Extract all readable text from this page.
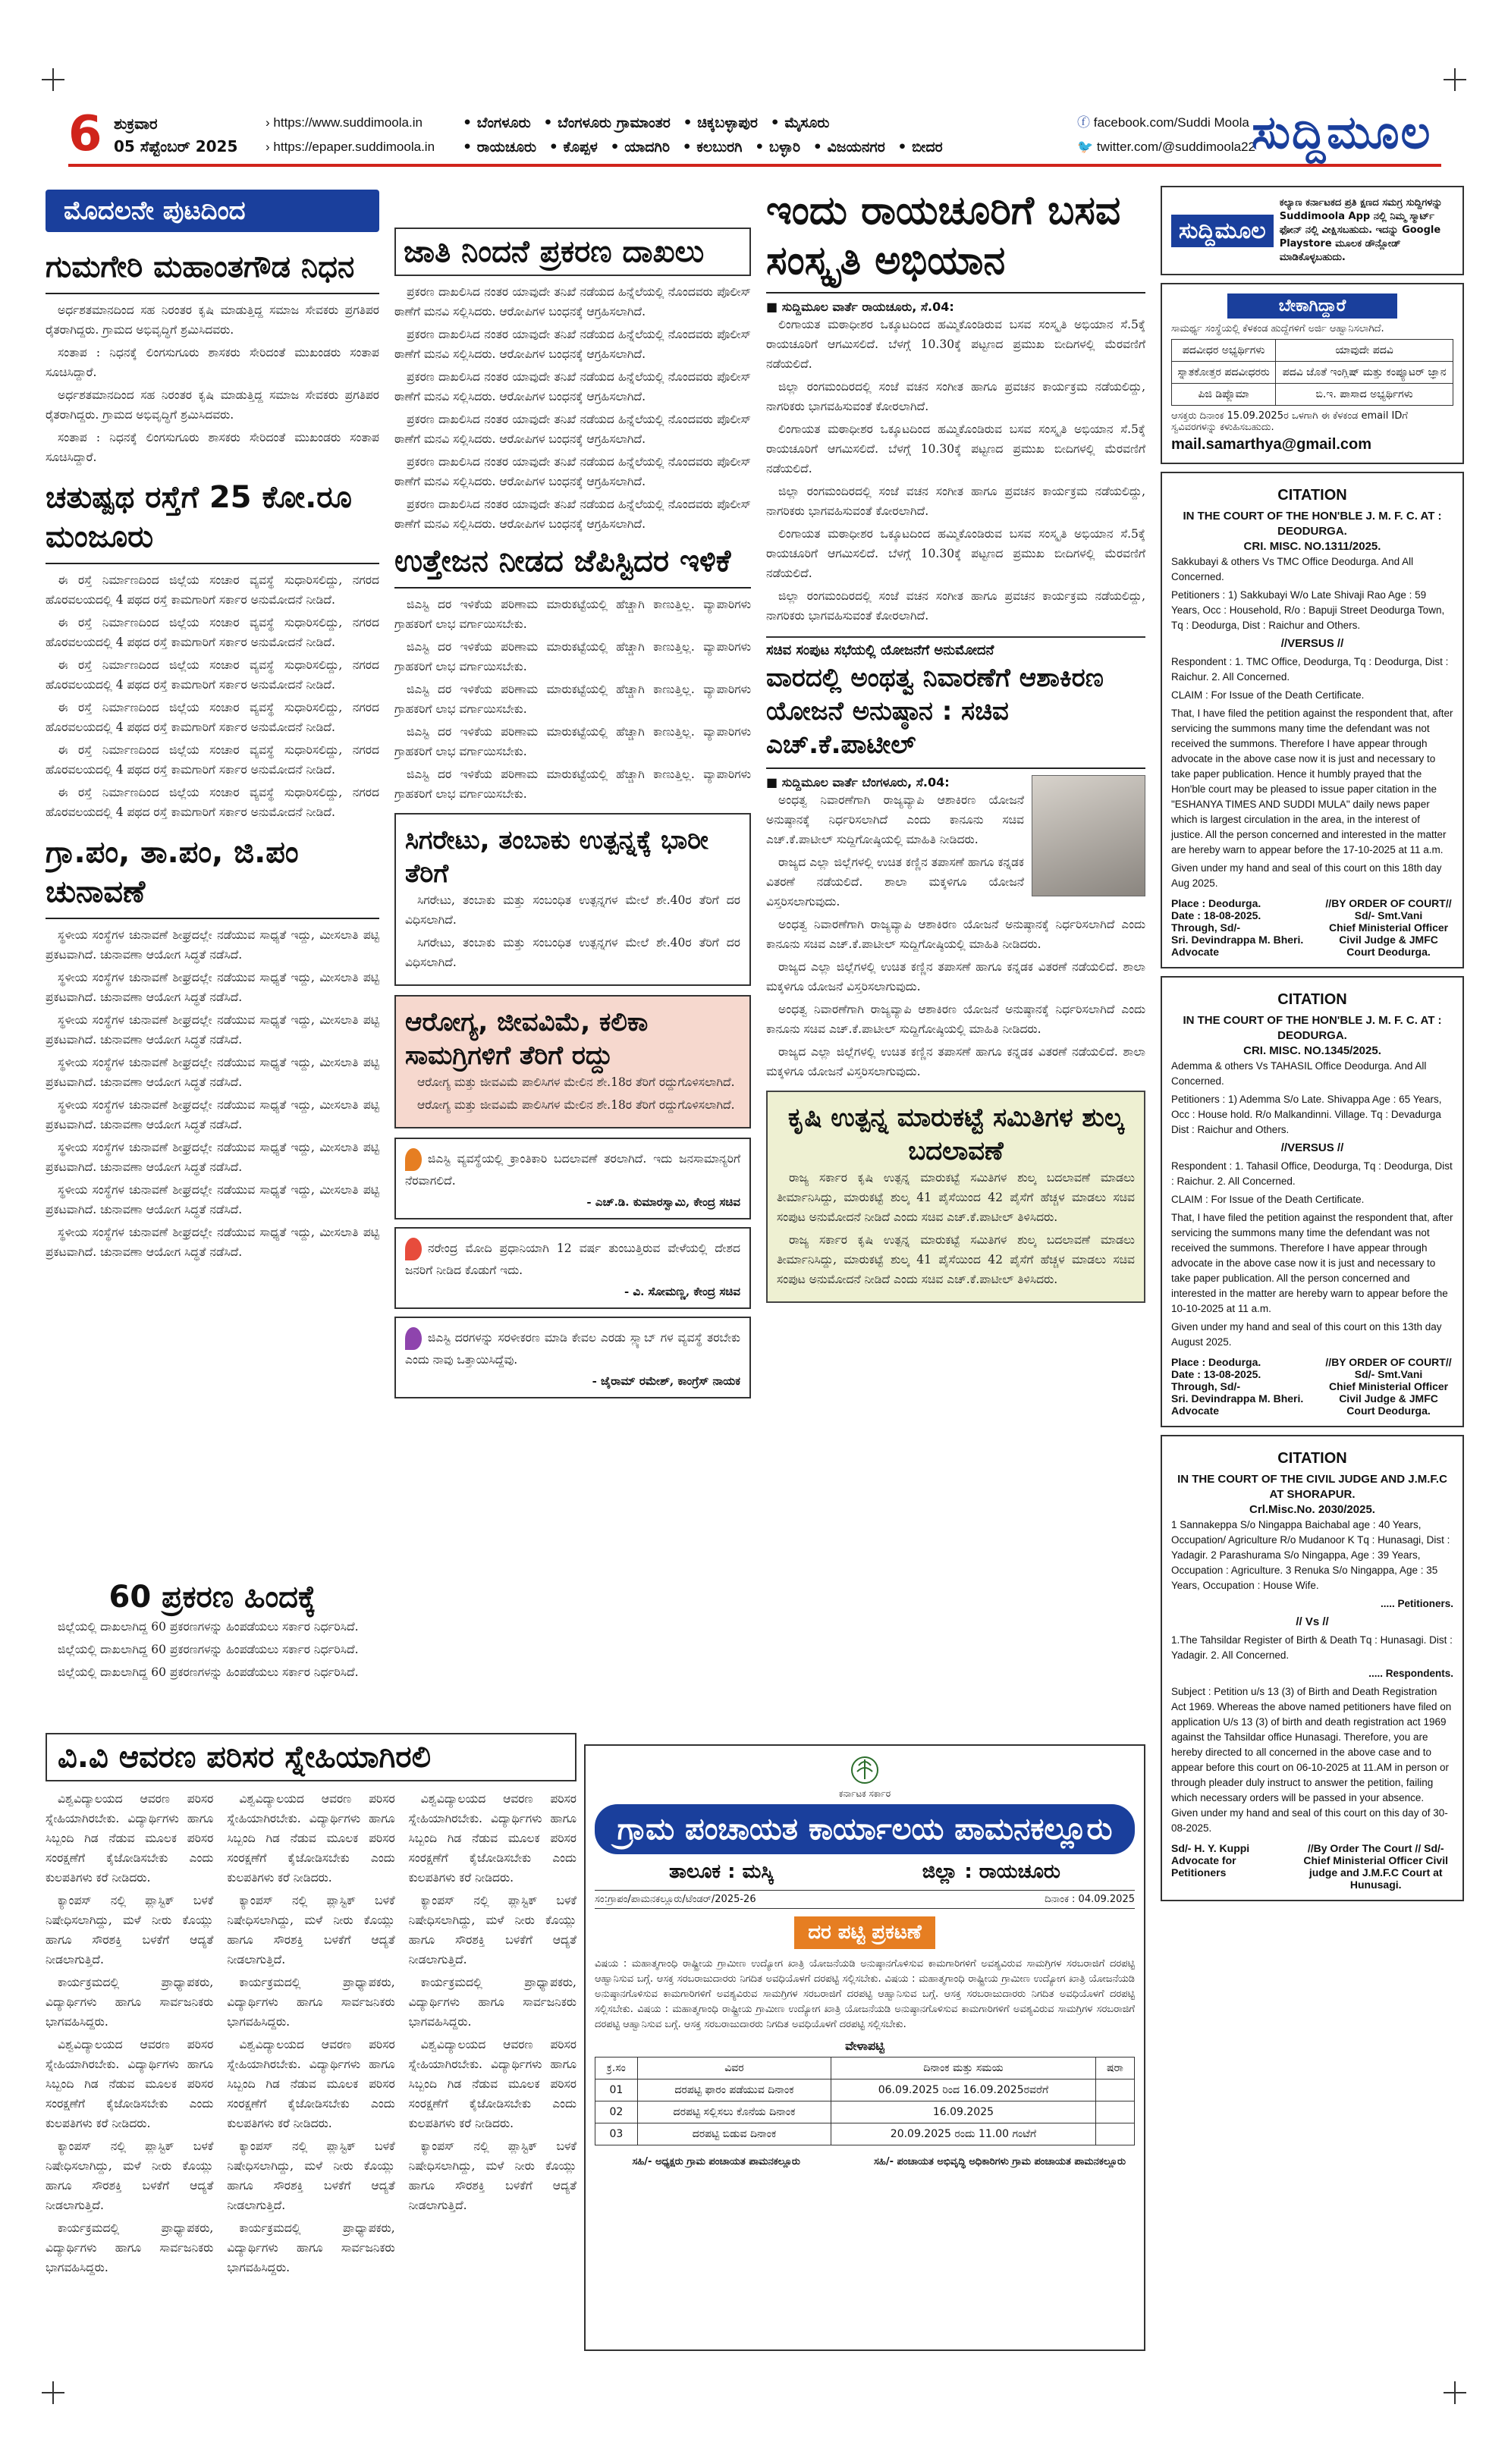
6 ಶುಕ್ರವಾರ
05 ಸೆಪ್ಟೆಂಬರ್ 2025
› https://www.suddimoola.in
› https://epaper.suddimoola.in
• ಬೆಂಗಳೂರು • ಬೆಂಗಳೂರು ಗ್ರಾಮಾಂತರ • ಚಿಕ್ಕಬಳ್ಳಾಪುರ • ಮೈಸೂರು
• ರಾಯಚೂರು • ಕೊಪ್ಪಳ • ಯಾದಗಿರಿ • ಕಲಬುರಗಿ • ಬಳ್ಳಾರಿ • ವಿಜಯನಗರ • ಬೀದರ
ⓕ facebook.com/Suddi Moola
🐦 twitter.com/@suddimoola22
ಸುದ್ದಿಮೂಲ
ಮೊದಲನೇ ಪುಟದಿಂದ
ಗುಮಗೇರಿ ಮಹಾಂತಗೌಡ ನಿಧನ

ಅರ್ಧಶತಮಾನದಿಂದ ಸಹ ನಿರಂತರ ಕೃಷಿ ಮಾಡುತ್ತಿದ್ದ ಸಮಾಜ ಸೇವಕರು ಪ್ರಗತಿಪರ ರೈತರಾಗಿದ್ದರು. ಗ್ರಾಮದ ಅಭಿವೃದ್ಧಿಗೆ ಶ್ರಮಿಸಿದವರು.

ಸಂತಾಪ : ನಿಧನಕ್ಕೆ ಲಿಂಗಸುಗೂರು ಶಾಸಕರು ಸೇರಿದಂತೆ ಮುಖಂಡರು ಸಂತಾಪ ಸೂಚಿಸಿದ್ದಾರೆ.

ಅರ್ಧಶತಮಾನದಿಂದ ಸಹ ನಿರಂತರ ಕೃಷಿ ಮಾಡುತ್ತಿದ್ದ ಸಮಾಜ ಸೇವಕರು ಪ್ರಗತಿಪರ ರೈತರಾಗಿದ್ದರು. ಗ್ರಾಮದ ಅಭಿವೃದ್ಧಿಗೆ ಶ್ರಮಿಸಿದವರು.

ಸಂತಾಪ : ನಿಧನಕ್ಕೆ ಲಿಂಗಸುಗೂರು ಶಾಸಕರು ಸೇರಿದಂತೆ ಮುಖಂಡರು ಸಂತಾಪ ಸೂಚಿಸಿದ್ದಾರೆ.

ಚತುಷ್ಪಥ ರಸ್ತೆಗೆ 25 ಕೋ.ರೂ ಮಂಜೂರು

ಈ ರಸ್ತೆ ನಿರ್ಮಾಣದಿಂದ ಜಿಲ್ಲೆಯ ಸಂಚಾರ ವ್ಯವಸ್ಥೆ ಸುಧಾರಿಸಲಿದ್ದು, ನಗರದ ಹೊರವಲಯದಲ್ಲಿ 4 ಪಥದ ರಸ್ತೆ ಕಾಮಗಾರಿಗೆ ಸರ್ಕಾರ ಅನುಮೋದನೆ ನೀಡಿದೆ.

ಈ ರಸ್ತೆ ನಿರ್ಮಾಣದಿಂದ ಜಿಲ್ಲೆಯ ಸಂಚಾರ ವ್ಯವಸ್ಥೆ ಸುಧಾರಿಸಲಿದ್ದು, ನಗರದ ಹೊರವಲಯದಲ್ಲಿ 4 ಪಥದ ರಸ್ತೆ ಕಾಮಗಾರಿಗೆ ಸರ್ಕಾರ ಅನುಮೋದನೆ ನೀಡಿದೆ.

ಈ ರಸ್ತೆ ನಿರ್ಮಾಣದಿಂದ ಜಿಲ್ಲೆಯ ಸಂಚಾರ ವ್ಯವಸ್ಥೆ ಸುಧಾರಿಸಲಿದ್ದು, ನಗರದ ಹೊರವಲಯದಲ್ಲಿ 4 ಪಥದ ರಸ್ತೆ ಕಾಮಗಾರಿಗೆ ಸರ್ಕಾರ ಅನುಮೋದನೆ ನೀಡಿದೆ.

ಈ ರಸ್ತೆ ನಿರ್ಮಾಣದಿಂದ ಜಿಲ್ಲೆಯ ಸಂಚಾರ ವ್ಯವಸ್ಥೆ ಸುಧಾರಿಸಲಿದ್ದು, ನಗರದ ಹೊರವಲಯದಲ್ಲಿ 4 ಪಥದ ರಸ್ತೆ ಕಾಮಗಾರಿಗೆ ಸರ್ಕಾರ ಅನುಮೋದನೆ ನೀಡಿದೆ.

ಈ ರಸ್ತೆ ನಿರ್ಮಾಣದಿಂದ ಜಿಲ್ಲೆಯ ಸಂಚಾರ ವ್ಯವಸ್ಥೆ ಸುಧಾರಿಸಲಿದ್ದು, ನಗರದ ಹೊರವಲಯದಲ್ಲಿ 4 ಪಥದ ರಸ್ತೆ ಕಾಮಗಾರಿಗೆ ಸರ್ಕಾರ ಅನುಮೋದನೆ ನೀಡಿದೆ.

ಈ ರಸ್ತೆ ನಿರ್ಮಾಣದಿಂದ ಜಿಲ್ಲೆಯ ಸಂಚಾರ ವ್ಯವಸ್ಥೆ ಸುಧಾರಿಸಲಿದ್ದು, ನಗರದ ಹೊರವಲಯದಲ್ಲಿ 4 ಪಥದ ರಸ್ತೆ ಕಾಮಗಾರಿಗೆ ಸರ್ಕಾರ ಅನುಮೋದನೆ ನೀಡಿದೆ.

ಗ್ರಾ.ಪಂ, ತಾ.ಪಂ, ಜಿ.ಪಂ ಚುನಾವಣೆ

ಸ್ಥಳೀಯ ಸಂಸ್ಥೆಗಳ ಚುನಾವಣೆ ಶೀಘ್ರದಲ್ಲೇ ನಡೆಯುವ ಸಾಧ್ಯತೆ ಇದ್ದು, ಮೀಸಲಾತಿ ಪಟ್ಟಿ ಪ್ರಕಟವಾಗಿದೆ. ಚುನಾವಣಾ ಆಯೋಗ ಸಿದ್ಧತೆ ನಡೆಸಿದೆ.

ಸ್ಥಳೀಯ ಸಂಸ್ಥೆಗಳ ಚುನಾವಣೆ ಶೀಘ್ರದಲ್ಲೇ ನಡೆಯುವ ಸಾಧ್ಯತೆ ಇದ್ದು, ಮೀಸಲಾತಿ ಪಟ್ಟಿ ಪ್ರಕಟವಾಗಿದೆ. ಚುನಾವಣಾ ಆಯೋಗ ಸಿದ್ಧತೆ ನಡೆಸಿದೆ.

ಸ್ಥಳೀಯ ಸಂಸ್ಥೆಗಳ ಚುನಾವಣೆ ಶೀಘ್ರದಲ್ಲೇ ನಡೆಯುವ ಸಾಧ್ಯತೆ ಇದ್ದು, ಮೀಸಲಾತಿ ಪಟ್ಟಿ ಪ್ರಕಟವಾಗಿದೆ. ಚುನಾವಣಾ ಆಯೋಗ ಸಿದ್ಧತೆ ನಡೆಸಿದೆ.

ಸ್ಥಳೀಯ ಸಂಸ್ಥೆಗಳ ಚುನಾವಣೆ ಶೀಘ್ರದಲ್ಲೇ ನಡೆಯುವ ಸಾಧ್ಯತೆ ಇದ್ದು, ಮೀಸಲಾತಿ ಪಟ್ಟಿ ಪ್ರಕಟವಾಗಿದೆ. ಚುನಾವಣಾ ಆಯೋಗ ಸಿದ್ಧತೆ ನಡೆಸಿದೆ.

ಸ್ಥಳೀಯ ಸಂಸ್ಥೆಗಳ ಚುನಾವಣೆ ಶೀಘ್ರದಲ್ಲೇ ನಡೆಯುವ ಸಾಧ್ಯತೆ ಇದ್ದು, ಮೀಸಲಾತಿ ಪಟ್ಟಿ ಪ್ರಕಟವಾಗಿದೆ. ಚುನಾವಣಾ ಆಯೋಗ ಸಿದ್ಧತೆ ನಡೆಸಿದೆ.

ಸ್ಥಳೀಯ ಸಂಸ್ಥೆಗಳ ಚುನಾವಣೆ ಶೀಘ್ರದಲ್ಲೇ ನಡೆಯುವ ಸಾಧ್ಯತೆ ಇದ್ದು, ಮೀಸಲಾತಿ ಪಟ್ಟಿ ಪ್ರಕಟವಾಗಿದೆ. ಚುನಾವಣಾ ಆಯೋಗ ಸಿದ್ಧತೆ ನಡೆಸಿದೆ.

ಸ್ಥಳೀಯ ಸಂಸ್ಥೆಗಳ ಚುನಾವಣೆ ಶೀಘ್ರದಲ್ಲೇ ನಡೆಯುವ ಸಾಧ್ಯತೆ ಇದ್ದು, ಮೀಸಲಾತಿ ಪಟ್ಟಿ ಪ್ರಕಟವಾಗಿದೆ. ಚುನಾವಣಾ ಆಯೋಗ ಸಿದ್ಧತೆ ನಡೆಸಿದೆ.

ಸ್ಥಳೀಯ ಸಂಸ್ಥೆಗಳ ಚುನಾವಣೆ ಶೀಘ್ರದಲ್ಲೇ ನಡೆಯುವ ಸಾಧ್ಯತೆ ಇದ್ದು, ಮೀಸಲಾತಿ ಪಟ್ಟಿ ಪ್ರಕಟವಾಗಿದೆ. ಚುನಾವಣಾ ಆಯೋಗ ಸಿದ್ಧತೆ ನಡೆಸಿದೆ.

60 ಪ್ರಕರಣ ಹಿಂದಕ್ಕೆ

ಜಿಲ್ಲೆಯಲ್ಲಿ ದಾಖಲಾಗಿದ್ದ 60 ಪ್ರಕರಣಗಳನ್ನು ಹಿಂಪಡೆಯಲು ಸರ್ಕಾರ ನಿರ್ಧರಿಸಿದೆ.

ಜಿಲ್ಲೆಯಲ್ಲಿ ದಾಖಲಾಗಿದ್ದ 60 ಪ್ರಕರಣಗಳನ್ನು ಹಿಂಪಡೆಯಲು ಸರ್ಕಾರ ನಿರ್ಧರಿಸಿದೆ.

ಜಿಲ್ಲೆಯಲ್ಲಿ ದಾಖಲಾಗಿದ್ದ 60 ಪ್ರಕರಣಗಳನ್ನು ಹಿಂಪಡೆಯಲು ಸರ್ಕಾರ ನಿರ್ಧರಿಸಿದೆ.

ಜಾತಿ ನಿಂದನೆ ಪ್ರಕರಣ ದಾಖಲು

ಪ್ರಕರಣ ದಾಖಲಿಸಿದ ನಂತರ ಯಾವುದೇ ತನಿಖೆ ನಡೆಯದ ಹಿನ್ನೆಲೆಯಲ್ಲಿ ನೊಂದವರು ಪೊಲೀಸ್ ಠಾಣೆಗೆ ಮನವಿ ಸಲ್ಲಿಸಿದರು. ಆರೋಪಿಗಳ ಬಂಧನಕ್ಕೆ ಆಗ್ರಹಿಸಲಾಗಿದೆ.

ಪ್ರಕರಣ ದಾಖಲಿಸಿದ ನಂತರ ಯಾವುದೇ ತನಿಖೆ ನಡೆಯದ ಹಿನ್ನೆಲೆಯಲ್ಲಿ ನೊಂದವರು ಪೊಲೀಸ್ ಠಾಣೆಗೆ ಮನವಿ ಸಲ್ಲಿಸಿದರು. ಆರೋಪಿಗಳ ಬಂಧನಕ್ಕೆ ಆಗ್ರಹಿಸಲಾಗಿದೆ.

ಪ್ರಕರಣ ದಾಖಲಿಸಿದ ನಂತರ ಯಾವುದೇ ತನಿಖೆ ನಡೆಯದ ಹಿನ್ನೆಲೆಯಲ್ಲಿ ನೊಂದವರು ಪೊಲೀಸ್ ಠಾಣೆಗೆ ಮನವಿ ಸಲ್ಲಿಸಿದರು. ಆರೋಪಿಗಳ ಬಂಧನಕ್ಕೆ ಆಗ್ರಹಿಸಲಾಗಿದೆ.

ಪ್ರಕರಣ ದಾಖಲಿಸಿದ ನಂತರ ಯಾವುದೇ ತನಿಖೆ ನಡೆಯದ ಹಿನ್ನೆಲೆಯಲ್ಲಿ ನೊಂದವರು ಪೊಲೀಸ್ ಠಾಣೆಗೆ ಮನವಿ ಸಲ್ಲಿಸಿದರು. ಆರೋಪಿಗಳ ಬಂಧನಕ್ಕೆ ಆಗ್ರಹಿಸಲಾಗಿದೆ.

ಪ್ರಕರಣ ದಾಖಲಿಸಿದ ನಂತರ ಯಾವುದೇ ತನಿಖೆ ನಡೆಯದ ಹಿನ್ನೆಲೆಯಲ್ಲಿ ನೊಂದವರು ಪೊಲೀಸ್ ಠಾಣೆಗೆ ಮನವಿ ಸಲ್ಲಿಸಿದರು. ಆರೋಪಿಗಳ ಬಂಧನಕ್ಕೆ ಆಗ್ರಹಿಸಲಾಗಿದೆ.

ಪ್ರಕರಣ ದಾಖಲಿಸಿದ ನಂತರ ಯಾವುದೇ ತನಿಖೆ ನಡೆಯದ ಹಿನ್ನೆಲೆಯಲ್ಲಿ ನೊಂದವರು ಪೊಲೀಸ್ ಠಾಣೆಗೆ ಮನವಿ ಸಲ್ಲಿಸಿದರು. ಆರೋಪಿಗಳ ಬಂಧನಕ್ಕೆ ಆಗ್ರಹಿಸಲಾಗಿದೆ.

ಉತ್ತೇಜನ ನೀಡದ ಜೆಪಿಸ್ಟಿದರ ಇಳಿಕೆ

ಜಿಎಸ್ಟಿ ದರ ಇಳಿಕೆಯ ಪರಿಣಾಮ ಮಾರುಕಟ್ಟೆಯಲ್ಲಿ ಹೆಚ್ಚಾಗಿ ಕಾಣುತ್ತಿಲ್ಲ. ವ್ಯಾಪಾರಿಗಳು ಗ್ರಾಹಕರಿಗೆ ಲಾಭ ವರ್ಗಾಯಿಸಬೇಕು.

ಜಿಎಸ್ಟಿ ದರ ಇಳಿಕೆಯ ಪರಿಣಾಮ ಮಾರುಕಟ್ಟೆಯಲ್ಲಿ ಹೆಚ್ಚಾಗಿ ಕಾಣುತ್ತಿಲ್ಲ. ವ್ಯಾಪಾರಿಗಳು ಗ್ರಾಹಕರಿಗೆ ಲಾಭ ವರ್ಗಾಯಿಸಬೇಕು.

ಜಿಎಸ್ಟಿ ದರ ಇಳಿಕೆಯ ಪರಿಣಾಮ ಮಾರುಕಟ್ಟೆಯಲ್ಲಿ ಹೆಚ್ಚಾಗಿ ಕಾಣುತ್ತಿಲ್ಲ. ವ್ಯಾಪಾರಿಗಳು ಗ್ರಾಹಕರಿಗೆ ಲಾಭ ವರ್ಗಾಯಿಸಬೇಕು.

ಜಿಎಸ್ಟಿ ದರ ಇಳಿಕೆಯ ಪರಿಣಾಮ ಮಾರುಕಟ್ಟೆಯಲ್ಲಿ ಹೆಚ್ಚಾಗಿ ಕಾಣುತ್ತಿಲ್ಲ. ವ್ಯಾಪಾರಿಗಳು ಗ್ರಾಹಕರಿಗೆ ಲಾಭ ವರ್ಗಾಯಿಸಬೇಕು.

ಜಿಎಸ್ಟಿ ದರ ಇಳಿಕೆಯ ಪರಿಣಾಮ ಮಾರುಕಟ್ಟೆಯಲ್ಲಿ ಹೆಚ್ಚಾಗಿ ಕಾಣುತ್ತಿಲ್ಲ. ವ್ಯಾಪಾರಿಗಳು ಗ್ರಾಹಕರಿಗೆ ಲಾಭ ವರ್ಗಾಯಿಸಬೇಕು.

ಸಿಗರೇಟು, ತಂಬಾಕು ಉತ್ಪನ್ನಕ್ಕೆ ಭಾರೀ ತೆರಿಗೆ

ಸಿಗರೇಟು, ತಂಬಾಕು ಮತ್ತು ಸಂಬಂಧಿತ ಉತ್ಪನ್ನಗಳ ಮೇಲೆ ಶೇ.40ರ ತೆರಿಗೆ ದರ ವಿಧಿಸಲಾಗಿದೆ.

ಸಿಗರೇಟು, ತಂಬಾಕು ಮತ್ತು ಸಂಬಂಧಿತ ಉತ್ಪನ್ನಗಳ ಮೇಲೆ ಶೇ.40ರ ತೆರಿಗೆ ದರ ವಿಧಿಸಲಾಗಿದೆ.

ಆರೋಗ್ಯ, ಜೀವವಿಮೆ, ಕಲಿಕಾ ಸಾಮಗ್ರಿಗಳಿಗೆ ತೆರಿಗೆ ರದ್ದು

ಆರೋಗ್ಯ ಮತ್ತು ಜೀವವಿಮೆ ಪಾಲಿಸಿಗಳ ಮೇಲಿನ ಶೇ.18ರ ತೆರಿಗೆ ರದ್ದುಗೊಳಿಸಲಾಗಿದೆ.

ಆರೋಗ್ಯ ಮತ್ತು ಜೀವವಿಮೆ ಪಾಲಿಸಿಗಳ ಮೇಲಿನ ಶೇ.18ರ ತೆರಿಗೆ ರದ್ದುಗೊಳಿಸಲಾಗಿದೆ.

ಜಿಎಸ್ಟಿ ವ್ಯವಸ್ಥೆಯಲ್ಲಿ ಕ್ರಾಂತಿಕಾರಿ ಬದಲಾವಣೆ ತರಲಾಗಿದೆ. ಇದು ಜನಸಾಮಾನ್ಯರಿಗೆ ನೆರವಾಗಲಿದೆ.
- ಎಚ್.ಡಿ. ಕುಮಾರಸ್ವಾಮಿ, ಕೇಂದ್ರ ಸಚಿವ
ನರೇಂದ್ರ ಮೋದಿ ಪ್ರಧಾನಿಯಾಗಿ 12 ವರ್ಷ ತುಂಬುತ್ತಿರುವ ವೇಳೆಯಲ್ಲಿ ದೇಶದ ಜನರಿಗೆ ನೀಡಿದ ಕೊಡುಗೆ ಇದು.
- ವಿ. ಸೋಮಣ್ಣ, ಕೇಂದ್ರ ಸಚಿವ
ಜಿಎಸ್ಟಿ ದರಗಳನ್ನು ಸರಳೀಕರಣ ಮಾಡಿ ಕೇವಲ ಎರಡು ಸ್ಲ್ಯಾಬ್ ಗಳ ವ್ಯವಸ್ಥೆ ತರಬೇಕು ಎಂದು ನಾವು ಒತ್ತಾಯಿಸಿದ್ದೆವು.
- ಜೈರಾಮ್ ರಮೇಶ್, ಕಾಂಗ್ರೆಸ್ ನಾಯಕ
ಇಂದು ರಾಯಚೂರಿಗೆ ಬಸವ ಸಂಸ್ಕೃತಿ ಅಭಿಯಾನ
■ ಸುದ್ದಿಮೂಲ ವಾರ್ತೆ ರಾಯಚೂರು, ಸೆ.04:

ಲಿಂಗಾಯತ ಮಠಾಧೀಶರ ಒಕ್ಕೂಟದಿಂದ ಹಮ್ಮಿಕೊಂಡಿರುವ ಬಸವ ಸಂಸ್ಕೃತಿ ಅಭಿಯಾನ ಸೆ.5ಕ್ಕೆ ರಾಯಚೂರಿಗೆ ಆಗಮಿಸಲಿದೆ. ಬೆಳಗ್ಗೆ 10.30ಕ್ಕೆ ಪಟ್ಟಣದ ಪ್ರಮುಖ ಬೀದಿಗಳಲ್ಲಿ ಮೆರವಣಿಗೆ ನಡೆಯಲಿದೆ.

ಜಿಲ್ಲಾ ರಂಗಮಂದಿರದಲ್ಲಿ ಸಂಜೆ ವಚನ ಸಂಗೀತ ಹಾಗೂ ಪ್ರವಚನ ಕಾರ್ಯಕ್ರಮ ನಡೆಯಲಿದ್ದು, ನಾಗರಿಕರು ಭಾಗವಹಿಸುವಂತೆ ಕೋರಲಾಗಿದೆ.

ಲಿಂಗಾಯತ ಮಠಾಧೀಶರ ಒಕ್ಕೂಟದಿಂದ ಹಮ್ಮಿಕೊಂಡಿರುವ ಬಸವ ಸಂಸ್ಕೃತಿ ಅಭಿಯಾನ ಸೆ.5ಕ್ಕೆ ರಾಯಚೂರಿಗೆ ಆಗಮಿಸಲಿದೆ. ಬೆಳಗ್ಗೆ 10.30ಕ್ಕೆ ಪಟ್ಟಣದ ಪ್ರಮುಖ ಬೀದಿಗಳಲ್ಲಿ ಮೆರವಣಿಗೆ ನಡೆಯಲಿದೆ.

ಜಿಲ್ಲಾ ರಂಗಮಂದಿರದಲ್ಲಿ ಸಂಜೆ ವಚನ ಸಂಗೀತ ಹಾಗೂ ಪ್ರವಚನ ಕಾರ್ಯಕ್ರಮ ನಡೆಯಲಿದ್ದು, ನಾಗರಿಕರು ಭಾಗವಹಿಸುವಂತೆ ಕೋರಲಾಗಿದೆ.

ಲಿಂಗಾಯತ ಮಠಾಧೀಶರ ಒಕ್ಕೂಟದಿಂದ ಹಮ್ಮಿಕೊಂಡಿರುವ ಬಸವ ಸಂಸ್ಕೃತಿ ಅಭಿಯಾನ ಸೆ.5ಕ್ಕೆ ರಾಯಚೂರಿಗೆ ಆಗಮಿಸಲಿದೆ. ಬೆಳಗ್ಗೆ 10.30ಕ್ಕೆ ಪಟ್ಟಣದ ಪ್ರಮುಖ ಬೀದಿಗಳಲ್ಲಿ ಮೆರವಣಿಗೆ ನಡೆಯಲಿದೆ.

ಜಿಲ್ಲಾ ರಂಗಮಂದಿರದಲ್ಲಿ ಸಂಜೆ ವಚನ ಸಂಗೀತ ಹಾಗೂ ಪ್ರವಚನ ಕಾರ್ಯಕ್ರಮ ನಡೆಯಲಿದ್ದು, ನಾಗರಿಕರು ಭಾಗವಹಿಸುವಂತೆ ಕೋರಲಾಗಿದೆ.

ಸಚಿವ ಸಂಪುಟ ಸಭೆಯಲ್ಲಿ ಯೋಜನೆಗೆ ಅನುಮೋದನೆ
ವಾರದಲ್ಲಿ ಅಂಥತ್ವ ನಿವಾರಣೆಗೆ ಆಶಾಕಿರಣ ಯೋಜನೆ ಅನುಷ್ಠಾನ : ಸಚಿವ ಎಚ್.ಕೆ.ಪಾಟೀಲ್
■ ಸುದ್ದಿಮೂಲ ವಾರ್ತೆ ಬೆಂಗಳೂರು, ಸೆ.04:

ಅಂಧತ್ವ ನಿವಾರಣೆಗಾಗಿ ರಾಜ್ಯವ್ಯಾಪಿ ಆಶಾಕಿರಣ ಯೋಜನೆ ಅನುಷ್ಠಾನಕ್ಕೆ ನಿರ್ಧರಿಸಲಾಗಿದೆ ಎಂದು ಕಾನೂನು ಸಚಿವ ಎಚ್.ಕೆ.ಪಾಟೀಲ್ ಸುದ್ದಿಗೋಷ್ಠಿಯಲ್ಲಿ ಮಾಹಿತಿ ನೀಡಿದರು.

ರಾಜ್ಯದ ಎಲ್ಲಾ ಜಿಲ್ಲೆಗಳಲ್ಲಿ ಉಚಿತ ಕಣ್ಣಿನ ತಪಾಸಣೆ ಹಾಗೂ ಕನ್ನಡಕ ವಿತರಣೆ ನಡೆಯಲಿದೆ. ಶಾಲಾ ಮಕ್ಕಳಿಗೂ ಯೋಜನೆ ವಿಸ್ತರಿಸಲಾಗುವುದು.

ಅಂಧತ್ವ ನಿವಾರಣೆಗಾಗಿ ರಾಜ್ಯವ್ಯಾಪಿ ಆಶಾಕಿರಣ ಯೋಜನೆ ಅನುಷ್ಠಾನಕ್ಕೆ ನಿರ್ಧರಿಸಲಾಗಿದೆ ಎಂದು ಕಾನೂನು ಸಚಿವ ಎಚ್.ಕೆ.ಪಾಟೀಲ್ ಸುದ್ದಿಗೋಷ್ಠಿಯಲ್ಲಿ ಮಾಹಿತಿ ನೀಡಿದರು.

ರಾಜ್ಯದ ಎಲ್ಲಾ ಜಿಲ್ಲೆಗಳಲ್ಲಿ ಉಚಿತ ಕಣ್ಣಿನ ತಪಾಸಣೆ ಹಾಗೂ ಕನ್ನಡಕ ವಿತರಣೆ ನಡೆಯಲಿದೆ. ಶಾಲಾ ಮಕ್ಕಳಿಗೂ ಯೋಜನೆ ವಿಸ್ತರಿಸಲಾಗುವುದು.

ಅಂಧತ್ವ ನಿವಾರಣೆಗಾಗಿ ರಾಜ್ಯವ್ಯಾಪಿ ಆಶಾಕಿರಣ ಯೋಜನೆ ಅನುಷ್ಠಾನಕ್ಕೆ ನಿರ್ಧರಿಸಲಾಗಿದೆ ಎಂದು ಕಾನೂನು ಸಚಿವ ಎಚ್.ಕೆ.ಪಾಟೀಲ್ ಸುದ್ದಿಗೋಷ್ಠಿಯಲ್ಲಿ ಮಾಹಿತಿ ನೀಡಿದರು.

ರಾಜ್ಯದ ಎಲ್ಲಾ ಜಿಲ್ಲೆಗಳಲ್ಲಿ ಉಚಿತ ಕಣ್ಣಿನ ತಪಾಸಣೆ ಹಾಗೂ ಕನ್ನಡಕ ವಿತರಣೆ ನಡೆಯಲಿದೆ. ಶಾಲಾ ಮಕ್ಕಳಿಗೂ ಯೋಜನೆ ವಿಸ್ತರಿಸಲಾಗುವುದು.

ಕೃಷಿ ಉತ್ಪನ್ನ ಮಾರುಕಟ್ಟೆ ಸಮಿತಿಗಳ ಶುಲ್ಕ ಬದಲಾವಣೆ

ರಾಜ್ಯ ಸರ್ಕಾರ ಕೃಷಿ ಉತ್ಪನ್ನ ಮಾರುಕಟ್ಟೆ ಸಮಿತಿಗಳ ಶುಲ್ಕ ಬದಲಾವಣೆ ಮಾಡಲು ತೀರ್ಮಾನಿಸಿದ್ದು, ಮಾರುಕಟ್ಟೆ ಶುಲ್ಕ 41 ಪೈಸೆಯಿಂದ 42 ಪೈಸೆಗೆ ಹೆಚ್ಚಳ ಮಾಡಲು ಸಚಿವ ಸಂಪುಟ ಅನುಮೋದನೆ ನೀಡಿದೆ ಎಂದು ಸಚಿವ ಎಚ್.ಕೆ.ಪಾಟೀಲ್ ತಿಳಿಸಿದರು.

ರಾಜ್ಯ ಸರ್ಕಾರ ಕೃಷಿ ಉತ್ಪನ್ನ ಮಾರುಕಟ್ಟೆ ಸಮಿತಿಗಳ ಶುಲ್ಕ ಬದಲಾವಣೆ ಮಾಡಲು ತೀರ್ಮಾನಿಸಿದ್ದು, ಮಾರುಕಟ್ಟೆ ಶುಲ್ಕ 41 ಪೈಸೆಯಿಂದ 42 ಪೈಸೆಗೆ ಹೆಚ್ಚಳ ಮಾಡಲು ಸಚಿವ ಸಂಪುಟ ಅನುಮೋದನೆ ನೀಡಿದೆ ಎಂದು ಸಚಿವ ಎಚ್.ಕೆ.ಪಾಟೀಲ್ ತಿಳಿಸಿದರು.

ಸುದ್ದಿಮೂಲ
ಕಲ್ಯಾಣ ಕರ್ನಾಟಕದ ಪ್ರತಿ ಕ್ಷಣದ ಸಮಗ್ರ ಸುದ್ದಿಗಳನ್ನು Suddimoola App ನಲ್ಲಿ ನಿಮ್ಮ ಸ್ಮಾರ್ಟ್ ಫೋನ್ ನಲ್ಲಿ ವೀಕ್ಷಿಸಬಹುದು. ಇದನ್ನು Google Playstore ಮೂಲಕ ಡೌನ್ಲೋಡ್ ಮಾಡಿಕೊಳ್ಳಬಹುದು.
ಬೇಕಾಗಿದ್ದಾರೆ
ಸಾಮರ್ಥ್ಯ ಸಂಸ್ಥೆಯಲ್ಲಿ ಕೆಳಕಂಡ ಹುದ್ದೆಗಳಿಗೆ ಅರ್ಜಿ ಆಹ್ವಾನಿಸಲಾಗಿದೆ.
ಪದವೀಧರ ಅಭ್ಯರ್ಥಿಗಳು	ಯಾವುದೇ ಪದವಿ
ಸ್ನಾತಕೋತ್ತರ ಪದವೀಧರರು	ಪದವಿ ಜೊತೆ ಇಂಗ್ಲಿಷ್ ಮತ್ತು ಕಂಪ್ಯೂಟರ್ ಜ್ಞಾನ
ಪಿಜಿ ಡಿಪ್ಲೊಮಾ	ಬಿ.ಇ. ಪಾಸಾದ ಅಭ್ಯರ್ಥಿಗಳು
ಆಸಕ್ತರು ದಿನಾಂಕ 15.09.2025ರ ಒಳಗಾಗಿ ಈ ಕೆಳಕಂಡ email IDಗೆ ಸ್ವವಿವರಗಳನ್ನು ಕಳುಹಿಸಬಹುದು.
mail.samarthya@gmail.com
CITATION
IN THE COURT OF THE HON'BLE J. M. F. C. AT : DEODURGA.
CRI. MISC. NO.1311/2025.

Sakkubayi & others Vs TMC Office Deodurga. And All Concerned.

Petitioners : 1) Sakkubayi W/o Late Shivaji Rao Age : 59 Years, Occ : Household, R/o : Bapuji Street Deodurga Town, Tq : Deodurga, Dist : Raichur and Others.

//VERSUS //

Respondent : 1. TMC Office, Deodurga, Tq : Deodurga, Dist : Raichur. 2. All Concerned.

CLAIM : For Issue of the Death Certificate.

That, I have filed the petition against the respondent that, after servicing the summons many time the defendant was not received the summons. Therefore I have appear through advocate in the above case now it is just and necessary to take paper publication. Hence it humbly prayed that the Hon'ble court may be pleased to issue paper citation in the "ESHANYA TIMES AND SUDDI MULA" daily news paper which is largest circulation in the area, in the interest of justice. All the person concerned and interested in the matter are hereby warn to appear before the 17-10-2025 at 11 a.m.

Given under my hand and seal of this court on this 18th day Aug 2025.

Place : Deodurga.
Date : 18-08-2025.
Through, Sd/-
Sri. Devindrappa M. Bheri. Advocate
//BY ORDER OF COURT// Sd/- Smt.Vani
Chief Ministerial Officer Civil Judge & JMFC Court Deodurga.
CITATION
IN THE COURT OF THE HON'BLE J. M. F. C. AT : DEODURGA.
CRI. MISC. NO.1345/2025.

Ademma & others Vs TAHASIL Office Deodurga. And All Concerned.

Petitioners : 1) Ademma S/o Late. Shivappa Age : 65 Years, Occ : House hold. R/o Malkandinni. Village. Tq : Devadurga Dist : Raichur and Others.

//VERSUS //

Respondent : 1. Tahasil Office, Deodurga, Tq : Deodurga, Dist : Raichur. 2. All Concerned.

CLAIM : For Issue of the Death Certificate.

That, I have filed the petition against the respondent that, after servicing the summons many time the defendant was not received the summons. Therefore I have appear through advocate in the above case now it is just and necessary to take paper publication. All the person concerned and interested in the matter are hereby warn to appear before the 10-10-2025 at 11 a.m.

Given under my hand and seal of this court on this 13th day August 2025.

Place : Deodurga.
Date : 13-08-2025.
Through, Sd/-
Sri. Devindrappa M. Bheri. Advocate
//BY ORDER OF COURT// Sd/- Smt.Vani
Chief Ministerial Officer Civil Judge & JMFC Court Deodurga.
CITATION
IN THE COURT OF THE CIVIL JUDGE AND J.M.F.C AT SHORAPUR.
Crl.Misc.No. 2030/2025.

1 Sannakeppa S/o Ningappa Baichabal age : 40 Years, Occupation/ Agriculture R/o Mudanoor K Tq : Hunasagi, Dist : Yadagir. 2 Parashurama S/o Ningappa, Age : 39 Years, Occupation : Agriculture. 3 Renuka S/o Ningappa, Age : 35 Years, Occupation : House Wife.

..... Petitioners.

// Vs //

1.The Tahsildar Register of Birth & Death Tq : Hunasagi. Dist : Yadagir. 2. All Concerned.

..... Respondents.

Subject : Petition u/s 13 (3) of Birth and Death Registration Act 1969. Whereas the above named petitioners have filed on application U/s 13 (3) of birth and death registration act 1969 against the Tahsildar office Hunasagi. Therefore, you are hereby directed to all concerned in the above case and to appear before this court on 06-10-2025 at 11.AM in person or through pleader duly instruct to answer the petition, failing which necessary orders will be passed in your absence. Given under my hand and seal of this court on this day of 30-08-2025.

Sd/- H. Y. Kuppi Advocate for Petitioners
//By Order The Court // Sd/- Chief Ministerial Officer Civil judge and J.M.F.C Court at Hunusagi.
ವಿ.ವಿ ಆವರಣ ಪರಿಸರ ಸ್ನೇಹಿಯಾಗಿರಲಿ

ವಿಶ್ವವಿದ್ಯಾಲಯದ ಆವರಣ ಪರಿಸರ ಸ್ನೇಹಿಯಾಗಿರಬೇಕು. ವಿದ್ಯಾರ್ಥಿಗಳು ಹಾಗೂ ಸಿಬ್ಬಂದಿ ಗಿಡ ನೆಡುವ ಮೂಲಕ ಪರಿಸರ ಸಂರಕ್ಷಣೆಗೆ ಕೈಜೋಡಿಸಬೇಕು ಎಂದು ಕುಲಪತಿಗಳು ಕರೆ ನೀಡಿದರು.

ಕ್ಯಾಂಪಸ್ ನಲ್ಲಿ ಪ್ಲಾಸ್ಟಿಕ್ ಬಳಕೆ ನಿಷೇಧಿಸಲಾಗಿದ್ದು, ಮಳೆ ನೀರು ಕೊಯ್ಲು ಹಾಗೂ ಸೌರಶಕ್ತಿ ಬಳಕೆಗೆ ಆದ್ಯತೆ ನೀಡಲಾಗುತ್ತಿದೆ.

ಕಾರ್ಯಕ್ರಮದಲ್ಲಿ ಪ್ರಾಧ್ಯಾಪಕರು, ವಿದ್ಯಾರ್ಥಿಗಳು ಹಾಗೂ ಸಾರ್ವಜನಿಕರು ಭಾಗವಹಿಸಿದ್ದರು.

ವಿಶ್ವವಿದ್ಯಾಲಯದ ಆವರಣ ಪರಿಸರ ಸ್ನೇಹಿಯಾಗಿರಬೇಕು. ವಿದ್ಯಾರ್ಥಿಗಳು ಹಾಗೂ ಸಿಬ್ಬಂದಿ ಗಿಡ ನೆಡುವ ಮೂಲಕ ಪರಿಸರ ಸಂರಕ್ಷಣೆಗೆ ಕೈಜೋಡಿಸಬೇಕು ಎಂದು ಕುಲಪತಿಗಳು ಕರೆ ನೀಡಿದರು.

ಕ್ಯಾಂಪಸ್ ನಲ್ಲಿ ಪ್ಲಾಸ್ಟಿಕ್ ಬಳಕೆ ನಿಷೇಧಿಸಲಾಗಿದ್ದು, ಮಳೆ ನೀರು ಕೊಯ್ಲು ಹಾಗೂ ಸೌರಶಕ್ತಿ ಬಳಕೆಗೆ ಆದ್ಯತೆ ನೀಡಲಾಗುತ್ತಿದೆ.

ಕಾರ್ಯಕ್ರಮದಲ್ಲಿ ಪ್ರಾಧ್ಯಾಪಕರು, ವಿದ್ಯಾರ್ಥಿಗಳು ಹಾಗೂ ಸಾರ್ವಜನಿಕರು ಭಾಗವಹಿಸಿದ್ದರು.

ವಿಶ್ವವಿದ್ಯಾಲಯದ ಆವರಣ ಪರಿಸರ ಸ್ನೇಹಿಯಾಗಿರಬೇಕು. ವಿದ್ಯಾರ್ಥಿಗಳು ಹಾಗೂ ಸಿಬ್ಬಂದಿ ಗಿಡ ನೆಡುವ ಮೂಲಕ ಪರಿಸರ ಸಂರಕ್ಷಣೆಗೆ ಕೈಜೋಡಿಸಬೇಕು ಎಂದು ಕುಲಪತಿಗಳು ಕರೆ ನೀಡಿದರು.

ಕ್ಯಾಂಪಸ್ ನಲ್ಲಿ ಪ್ಲಾಸ್ಟಿಕ್ ಬಳಕೆ ನಿಷೇಧಿಸಲಾಗಿದ್ದು, ಮಳೆ ನೀರು ಕೊಯ್ಲು ಹಾಗೂ ಸೌರಶಕ್ತಿ ಬಳಕೆಗೆ ಆದ್ಯತೆ ನೀಡಲಾಗುತ್ತಿದೆ.

ಕಾರ್ಯಕ್ರಮದಲ್ಲಿ ಪ್ರಾಧ್ಯಾಪಕರು, ವಿದ್ಯಾರ್ಥಿಗಳು ಹಾಗೂ ಸಾರ್ವಜನಿಕರು ಭಾಗವಹಿಸಿದ್ದರು.

ವಿಶ್ವವಿದ್ಯಾಲಯದ ಆವರಣ ಪರಿಸರ ಸ್ನೇಹಿಯಾಗಿರಬೇಕು. ವಿದ್ಯಾರ್ಥಿಗಳು ಹಾಗೂ ಸಿಬ್ಬಂದಿ ಗಿಡ ನೆಡುವ ಮೂಲಕ ಪರಿಸರ ಸಂರಕ್ಷಣೆಗೆ ಕೈಜೋಡಿಸಬೇಕು ಎಂದು ಕುಲಪತಿಗಳು ಕರೆ ನೀಡಿದರು.

ಕ್ಯಾಂಪಸ್ ನಲ್ಲಿ ಪ್ಲಾಸ್ಟಿಕ್ ಬಳಕೆ ನಿಷೇಧಿಸಲಾಗಿದ್ದು, ಮಳೆ ನೀರು ಕೊಯ್ಲು ಹಾಗೂ ಸೌರಶಕ್ತಿ ಬಳಕೆಗೆ ಆದ್ಯತೆ ನೀಡಲಾಗುತ್ತಿದೆ.

ಕಾರ್ಯಕ್ರಮದಲ್ಲಿ ಪ್ರಾಧ್ಯಾಪಕರು, ವಿದ್ಯಾರ್ಥಿಗಳು ಹಾಗೂ ಸಾರ್ವಜನಿಕರು ಭಾಗವಹಿಸಿದ್ದರು.

ವಿಶ್ವವಿದ್ಯಾಲಯದ ಆವರಣ ಪರಿಸರ ಸ್ನೇಹಿಯಾಗಿರಬೇಕು. ವಿದ್ಯಾರ್ಥಿಗಳು ಹಾಗೂ ಸಿಬ್ಬಂದಿ ಗಿಡ ನೆಡುವ ಮೂಲಕ ಪರಿಸರ ಸಂರಕ್ಷಣೆಗೆ ಕೈಜೋಡಿಸಬೇಕು ಎಂದು ಕುಲಪತಿಗಳು ಕರೆ ನೀಡಿದರು.

ಕ್ಯಾಂಪಸ್ ನಲ್ಲಿ ಪ್ಲಾಸ್ಟಿಕ್ ಬಳಕೆ ನಿಷೇಧಿಸಲಾಗಿದ್ದು, ಮಳೆ ನೀರು ಕೊಯ್ಲು ಹಾಗೂ ಸೌರಶಕ್ತಿ ಬಳಕೆಗೆ ಆದ್ಯತೆ ನೀಡಲಾಗುತ್ತಿದೆ.

ಕಾರ್ಯಕ್ರಮದಲ್ಲಿ ಪ್ರಾಧ್ಯಾಪಕರು, ವಿದ್ಯಾರ್ಥಿಗಳು ಹಾಗೂ ಸಾರ್ವಜನಿಕರು ಭಾಗವಹಿಸಿದ್ದರು.

ವಿಶ್ವವಿದ್ಯಾಲಯದ ಆವರಣ ಪರಿಸರ ಸ್ನೇಹಿಯಾಗಿರಬೇಕು. ವಿದ್ಯಾರ್ಥಿಗಳು ಹಾಗೂ ಸಿಬ್ಬಂದಿ ಗಿಡ ನೆಡುವ ಮೂಲಕ ಪರಿಸರ ಸಂರಕ್ಷಣೆಗೆ ಕೈಜೋಡಿಸಬೇಕು ಎಂದು ಕುಲಪತಿಗಳು ಕರೆ ನೀಡಿದರು.

ಕ್ಯಾಂಪಸ್ ನಲ್ಲಿ ಪ್ಲಾಸ್ಟಿಕ್ ಬಳಕೆ ನಿಷೇಧಿಸಲಾಗಿದ್ದು, ಮಳೆ ನೀರು ಕೊಯ್ಲು ಹಾಗೂ ಸೌರಶಕ್ತಿ ಬಳಕೆಗೆ ಆದ್ಯತೆ ನೀಡಲಾಗುತ್ತಿದೆ.

ಕರ್ನಾಟಕ ಸರ್ಕಾರ
ಗ್ರಾಮ ಪಂಚಾಯತ ಕಾರ್ಯಾಲಯ ಪಾಮನಕಲ್ಲೂರು
ತಾಲೂಕ : ಮಸ್ಕಿ	ಜಿಲ್ಲಾ : ರಾಯಚೂರು
ಸಂ:ಗ್ರಾಪಂ/ಪಾಮನಕಲ್ಲೂರು/ಟೆಂಡರ್/2025-26	ದಿನಾಂಕ : 04.09.2025
ದರ ಪಟ್ಟಿ ಪ್ರಕಟಣೆ
ವಿಷಯ : ಮಹಾತ್ಮಗಾಂಧಿ ರಾಷ್ಟ್ರೀಯ ಗ್ರಾಮೀಣ ಉದ್ಯೋಗ ಖಾತ್ರಿ ಯೋಜನೆಯಡಿ ಅನುಷ್ಠಾನಗೊಳಿಸುವ ಕಾಮಗಾರಿಗಳಿಗೆ ಅವಶ್ಯವಿರುವ ಸಾಮಗ್ರಿಗಳ ಸರಬರಾಜಿಗೆ ದರಪಟ್ಟಿ ಆಹ್ವಾನಿಸುವ ಬಗ್ಗೆ. ಆಸಕ್ತ ಸರಬರಾಜುದಾರರು ನಿಗದಿತ ಅವಧಿಯೊಳಗೆ ದರಪಟ್ಟಿ ಸಲ್ಲಿಸಬೇಕು. ವಿಷಯ : ಮಹಾತ್ಮಗಾಂಧಿ ರಾಷ್ಟ್ರೀಯ ಗ್ರಾಮೀಣ ಉದ್ಯೋಗ ಖಾತ್ರಿ ಯೋಜನೆಯಡಿ ಅನುಷ್ಠಾನಗೊಳಿಸುವ ಕಾಮಗಾರಿಗಳಿಗೆ ಅವಶ್ಯವಿರುವ ಸಾಮಗ್ರಿಗಳ ಸರಬರಾಜಿಗೆ ದರಪಟ್ಟಿ ಆಹ್ವಾನಿಸುವ ಬಗ್ಗೆ. ಆಸಕ್ತ ಸರಬರಾಜುದಾರರು ನಿಗದಿತ ಅವಧಿಯೊಳಗೆ ದರಪಟ್ಟಿ ಸಲ್ಲಿಸಬೇಕು. ವಿಷಯ : ಮಹಾತ್ಮಗಾಂಧಿ ರಾಷ್ಟ್ರೀಯ ಗ್ರಾಮೀಣ ಉದ್ಯೋಗ ಖಾತ್ರಿ ಯೋಜನೆಯಡಿ ಅನುಷ್ಠಾನಗೊಳಿಸುವ ಕಾಮಗಾರಿಗಳಿಗೆ ಅವಶ್ಯವಿರುವ ಸಾಮಗ್ರಿಗಳ ಸರಬರಾಜಿಗೆ ದರಪಟ್ಟಿ ಆಹ್ವಾನಿಸುವ ಬಗ್ಗೆ. ಆಸಕ್ತ ಸರಬರಾಜುದಾರರು ನಿಗದಿತ ಅವಧಿಯೊಳಗೆ ದರಪಟ್ಟಿ ಸಲ್ಲಿಸಬೇಕು.
ವೇಳಾಪಟ್ಟಿ
ಕ್ರ.ಸಂ	ವಿವರ	ದಿನಾಂಕ ಮತ್ತು ಸಮಯ	ಷರಾ
01	ದರಪಟ್ಟಿ ಫಾರಂ ಪಡೆಯುವ ದಿನಾಂಕ	06.09.2025 ರಿಂದ 16.09.2025ರವರೆಗೆ	
02	ದರಪಟ್ಟಿ ಸಲ್ಲಿಸಲು ಕೊನೆಯ ದಿನಾಂಕ	16.09.2025	
03	ದರಪಟ್ಟಿ ಬಿಡುವ ದಿನಾಂಕ	20.09.2025 ರಂದು 11.00 ಗಂಟೆಗೆ	
ಸಹಿ/- ಅಧ್ಯಕ್ಷರು ಗ್ರಾಮ ಪಂಚಾಯತ ಪಾಮನಕಲ್ಲೂರು	ಸಹಿ/- ಪಂಚಾಯತ ಅಭಿವೃದ್ಧಿ ಅಧಿಕಾರಿಗಳು ಗ್ರಾಮ ಪಂಚಾಯತ ಪಾಮನಕಲ್ಲೂರು
